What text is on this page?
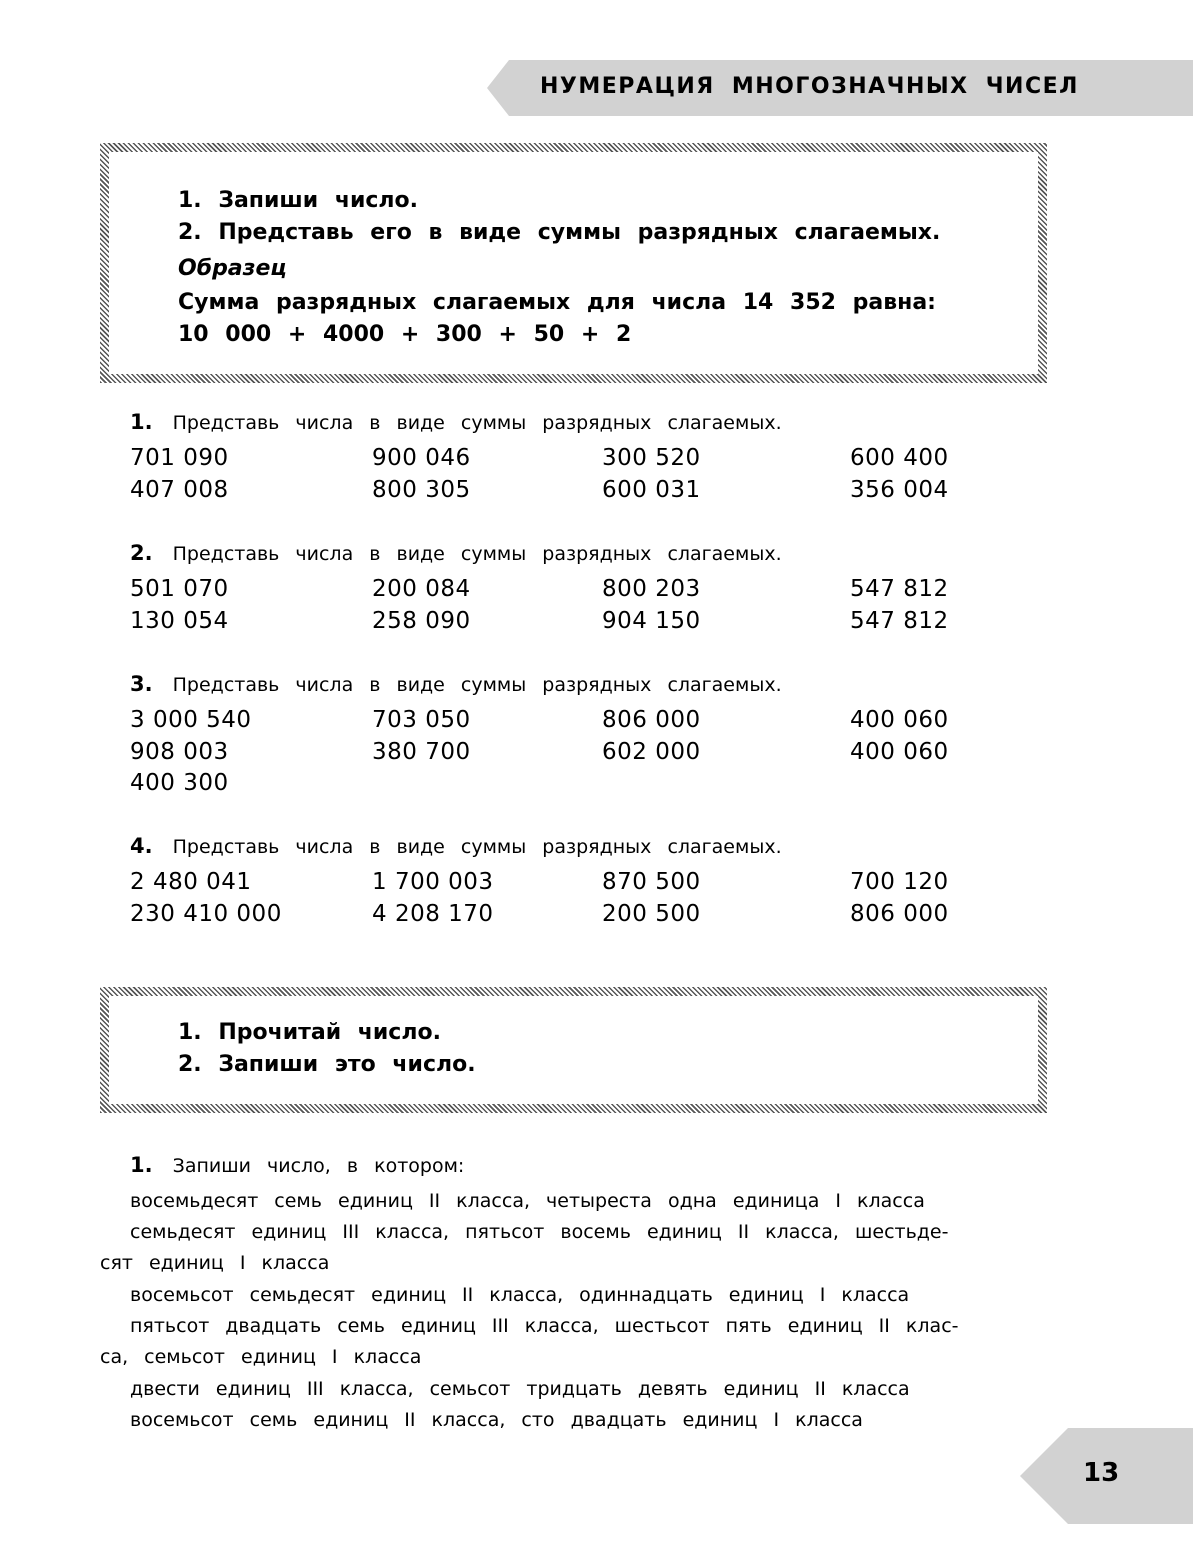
НУМЕРАЦИЯ МНОГОЗНАЧНЫХ ЧИСЕЛ
1. Запиши число.
2. Представь его в виде суммы разрядных слагаемых.
Образец
Сумма разрядных слагаемых для числа 14 352 равна:
10 000 + 4000 + 300 + 50 + 2
1. Представь числа в виде суммы разрядных слагаемых.
701 090	900 046	300 520	600 400
407 008	800 305	600 031	356 004
2. Представь числа в виде суммы разрядных слагаемых.
501 070	200 084	800 203	547 812
130 054	258 090	904 150	547 812
3. Представь числа в виде суммы разрядных слагаемых.
3 000 540	703 050	806 000	400 060
908 003	380 700	602 000	400 060
400 300
4. Представь числа в виде суммы разрядных слагаемых.
2 480 041	1 700 003	870 500	700 120
230 410 000	4 208 170	200 500	806 000
1. Прочитай число.
2. Запиши это число.
1. Запиши число, в котором:
восемьдесят семь единиц II класса, четыреста одна единица I класса
семьдесят единиц III класса, пятьсот восемь единиц II класса, шестьде-
сят единиц I класса
восемьсот семьдесят единиц II класса, одиннадцать единиц I класса
пятьсот двадцать семь единиц III класса, шестьсот пять единиц II клас-
са, семьсот единиц I класса
двести единиц III класса, семьсот тридцать девять единиц II класса
восемьсот семь единиц II класса, сто двадцать единиц I класса
13
